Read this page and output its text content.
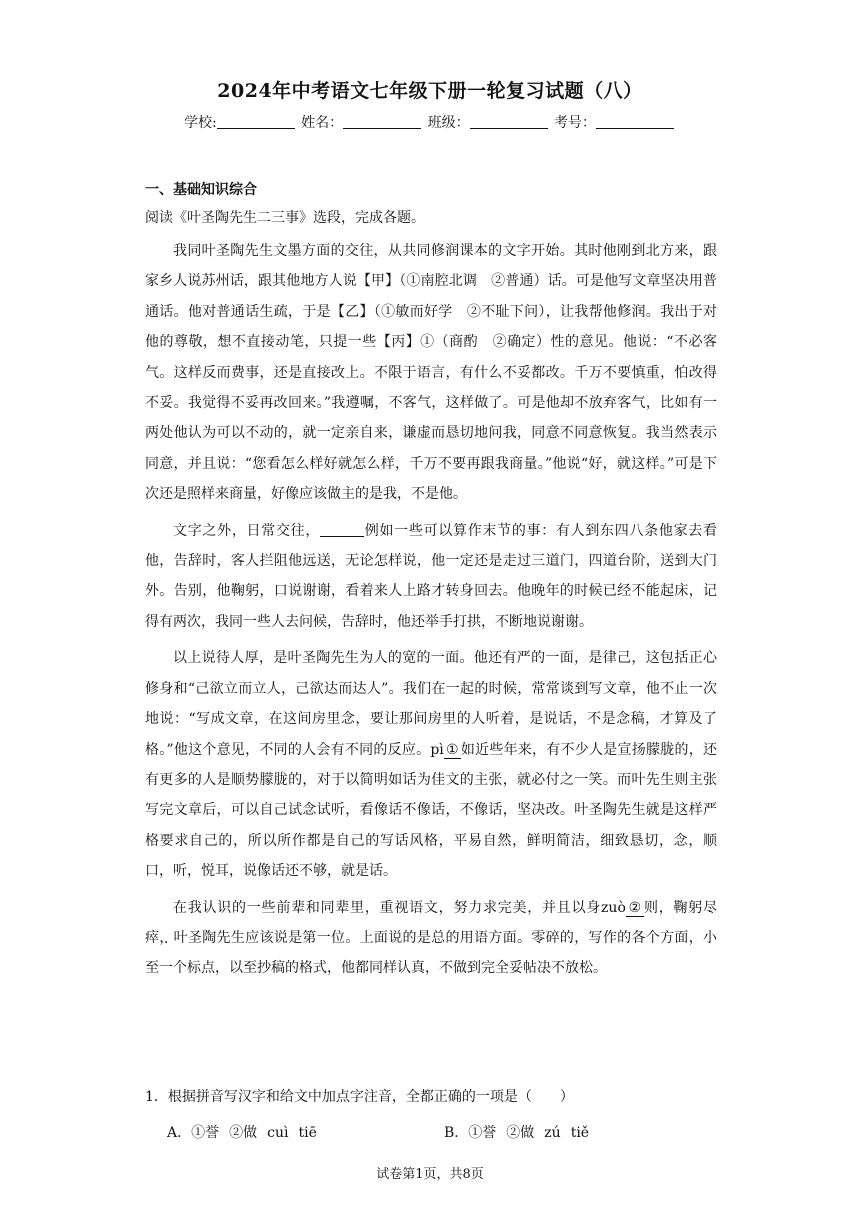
2024年中考语文七年级下册一轮复习试题（八）
学校:	姓名：	班级：	考号：
一、基础知识综合
阅读《叶圣陶先生二三事》选段，完成各题。

我同叶圣陶先生文墨方面的交往，从共同修润课本的文字开始。其时他刚到北方来，跟家乡人说苏州话，跟其他地方人说【甲】（①南腔北调　②普通）话。可是他写文章坚决用普通话。他对普通话生疏，于是【乙】（①敏而好学　②不耻下问），让我帮他修润。我出于对他的尊敬，想不直接动笔，只提一些【丙】①（商酌　②确定）性的意见。他说：“不必客气。这样反而费事，还是直接改上。不限于语言，有什么不妥都改。千万不要慎重，怕改得不妥。我觉得不妥再改回来。”我遵嘱，不客气，这样做了。可是他却不放弃客气，比如有一两处他认为可以不动的，就一定亲自来，谦虚而恳切地问我，同意不同意恢复。我当然表示同意，并且说：“您看怎么样好就怎么样，千万不要再跟我商量。”他说“好，就这样。”可是下次还是照样来商量，好像应该做主的是我，不是他。

文字之外，日常交往，	例如一些可以算作末节的事：有人到东四八条他家去看他，告辞时，客人拦阻他远送，无论怎样说，他一定还是走过三道门，四道台阶，送到大门外。告别，他鞠躬，口说谢谢，看着来人上路才转身回去。他晚年的时候已经不能起床，记得有两次，我同一些人去问候，告辞时，他还举手打拱，不断地说谢谢。

以上说待人厚，是叶圣陶先生为人的宽的一面。他还有严的一面，是律己，这包括正心修身和“己欲立而立人，己欲达而达人”。我们在一起的时候，常常谈到写文章，他不止一次地说：“写成文章，在这间房里念，要让那间房里的人听着，是说话，不是念稿，才算及了格。”他这个意见，不同的人会有不同的反应。pì ① 如近些年来，有不少人是宣扬朦胧的，还有更多的人是顺势朦胧的，对于以简明如话为佳文的主张，就必付之一笑。而叶先生则主张写完文章后，可以自己试念试听，看像话不像话，不像话，坚决改。叶圣陶先生就是这样严格要求自己的，所以所作都是自己的写话风格，平易自然，鲜明简洁，细致恳切，念，顺口，听，悦耳，说像话还不够，就是话。

在我认识的一些前辈和同辈里，重视语文，努力求完美，并且以身zuò ② 则，鞠躬尽瘁，叶圣陶先生应该说是第一位。上面说的是总的用语方面。零碎的，写作的各个方面，小至一个标点，以至抄稿的格式，他都同样认真，不做到完全妥帖决不放松。

1．根据拼音写汉字和给文中加点字注音，全都正确的一项是（　　）
A．①誉 ②做 cuì tiē	B．①誉 ②做 zú tiě
试卷第1页，共8页
